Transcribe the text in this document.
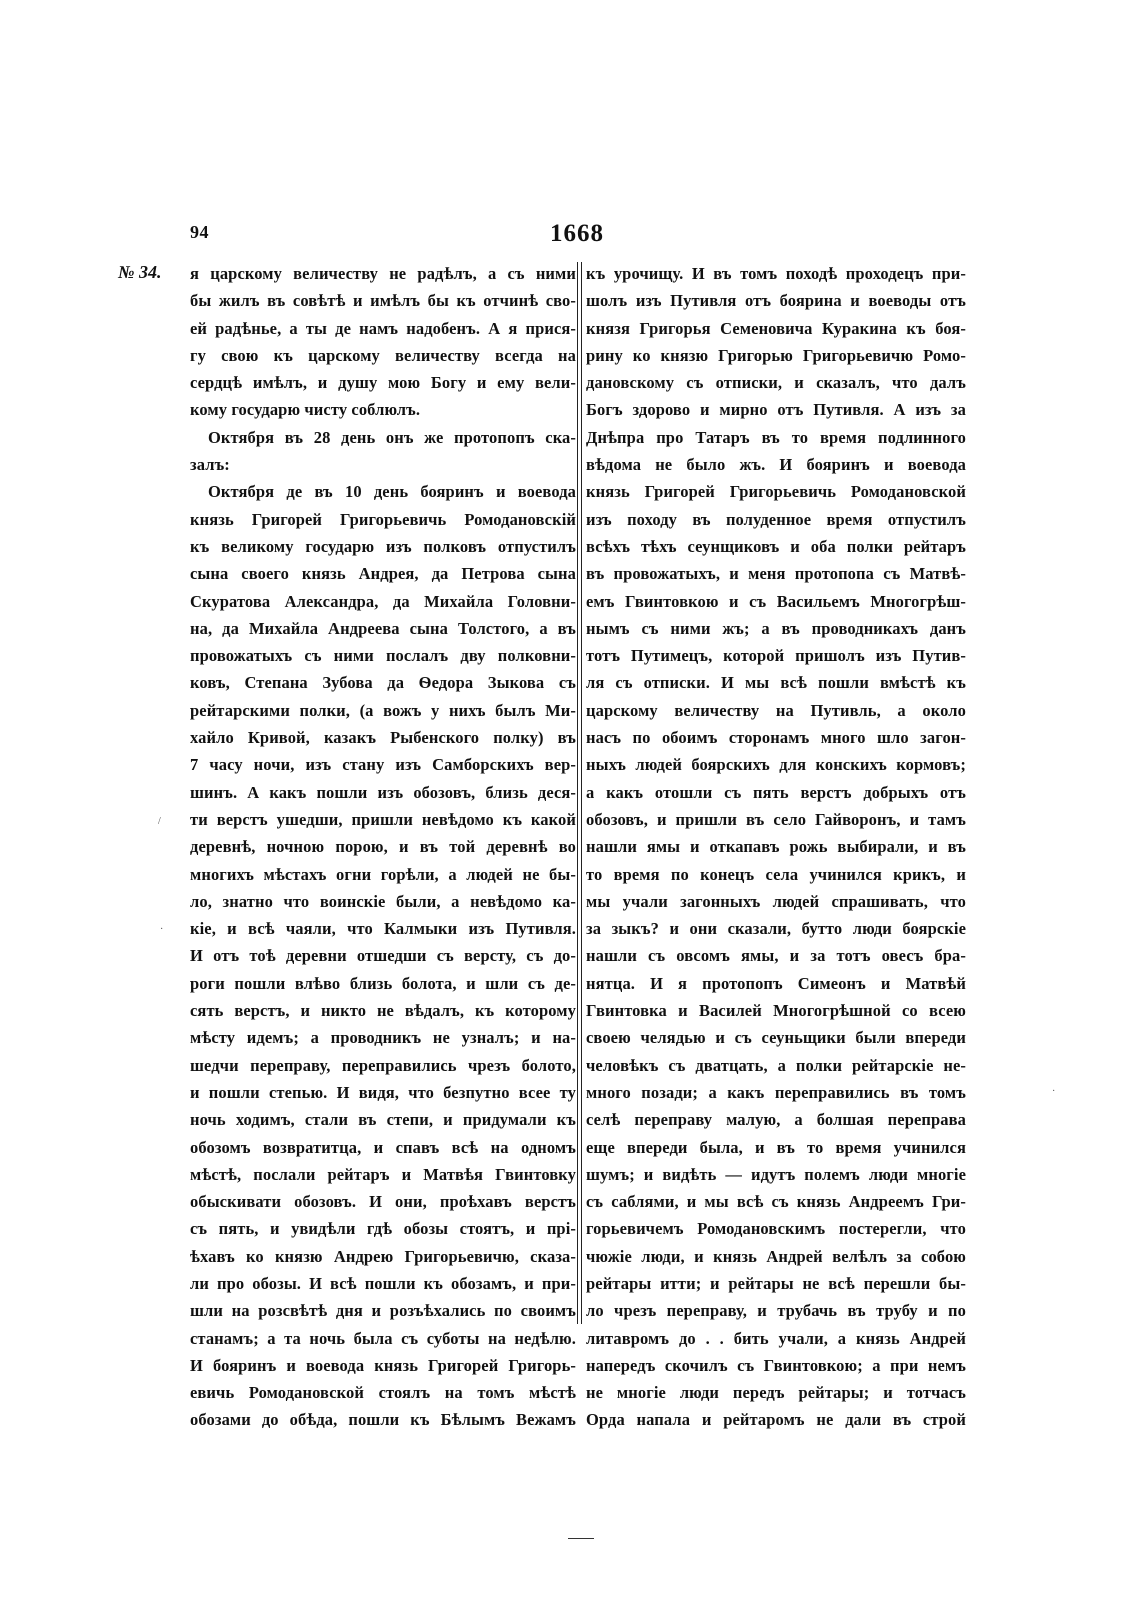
94	1668
№ 34. я царскому величеству не радѣлъ, а съ ними
бы жилъ въ совѣтѣ и имѣлъ бы къ отчинѣ сво-
ей радѣнье, а ты де намъ надобенъ. А я прися-
гу свою къ царскому величеству всегда на
сердцѣ имѣлъ, и душу мою Богу и ему вели-
кому государю чисту соблюлъ.
Октября въ 28 день онъ же протопопъ ска-
залъ:
Октября де въ 10 день бояринъ и воевода
князь Григорей Григорьевичь Ромодановскій
къ великому государю изъ полковъ отпустилъ
сына своего князь Андрея, да Петрова сына
Скуратова Александра, да Михайла Головни-
на, да Михайла Андреева сына Толстого, а въ
провожатыхъ съ ними послалъ дву полковни-
ковъ, Степана Зубова да Ѳедора Зыкова съ
рейтарскими полки, (а вожъ у нихъ былъ Ми-
хайло Кривой, казакъ Рыбенского полку) въ
7 часу ночи, изъ стану изъ Самборскихъ вер-
шинъ. А какъ пошли изъ обозовъ, близь деся-
ти верстъ ушедши, пришли невѣдомо къ какой
деревнѣ, ночною порою, и въ той деревнѣ во
многихъ мѣстахъ огни горѣли, а людей не бы-
ло, знатно что воинскіе были, а невѣдомо ка-
кіе, и всѣ чаяли, что Калмыки изъ Путивля.
И отъ тоѣ деревни отшедши съ версту, съ до-
роги пошли влѣво близь болота, и шли съ де-
сять верстъ, и никто не вѣдалъ, къ которому
мѣсту идемъ; а проводникъ не узналъ; и на-
шедчи переправу, переправились чрезъ болото,
и пошли степью. И видя, что безпутно всее ту
ночь ходимъ, стали въ степи, и придумали къ
обозомъ возвратитца, и спавъ всѣ на одномъ
мѣстѣ, послали рейтаръ и Матвѣя Гвинтовку
обыскивати обозовъ. И они, проѣхавъ верстъ
съ пять, и увидѣли гдѣ обозы стоятъ, и прі-
ѣхавъ ко князю Андрею Григорьевичю, сказа-
ли про обозы. И всѣ пошли къ обозамъ, и при-
шли на розсвѣтѣ дня и розъѣхались по своимъ
станамъ; а та ночь была съ суботы на недѣлю.
И бояринъ и воевода князь Григорей Григорь-
евичь Ромодановской стоялъ на томъ мѣстѣ
обозами до обѣда, пошли къ Бѣлымъ Вежамъ
къ урочищу. И въ томъ походѣ проходецъ при-
шолъ изъ Путивля отъ боярина и воеводы отъ
князя Григорья Семеновича Куракина къ боя-
рину ко князю Григорью Григорьевичю Ромо-
дановскому съ отписки, и сказалъ, что далъ
Богъ здорово и мирно отъ Путивля. А изъ за
Днѣпра про Татаръ въ то время подлинного
вѣдома не было жъ. И бояринъ и воевода
князь Григорей Григорьевичь Ромодановской
изъ походу въ полуденное время отпустилъ
всѣхъ тѣхъ сеунщиковъ и оба полки рейтаръ
въ провожатыхъ, и меня протопопа съ Матвѣ-
емъ Гвинтовкою и съ Васильемъ Многогрѣш-
нымъ съ ними жъ; а въ проводникахъ данъ
тотъ Путимецъ, которой пришолъ изъ Путив-
ля съ отписки. И мы всѣ пошли вмѣстѣ къ
царскому величеству на Путивль, а около
насъ по обоимъ сторонамъ много шло загон-
ныхъ людей боярскихъ для конскихъ кормовъ;
а какъ отошли съ пять верстъ добрыхъ отъ
обозовъ, и пришли въ село Гайворонъ, и тамъ
нашли ямы и откапавъ рожь выбирали, и въ
то время по конецъ села учинился крикъ, и
мы учали загонныхъ людей спрашивать, что
за зыкъ? и они сказали, бутто люди боярскіе
нашли съ овсомъ ямы, и за тотъ овесъ бра-
нятца. И я протопопъ Симеонъ и Матвѣй
Гвинтовка и Василей Многогрѣшной со всею
своею челядью и съ сеуньщики были впереди
человѣкъ съ дватцать, а полки рейтарскіе не-
много позади; а какъ переправились въ томъ
селѣ переправу малую, а болшая переправа
еще впереди была, и въ то время учинился
шумъ; и видѣть — идутъ полемъ люди многіе
съ саблями, и мы всѣ съ князь Андреемъ Гри-
горьевичемъ Ромодановскимъ постерегли, что
чюжіе люди, и князь Андрей велѣлъ за собою
рейтары итти; и рейтары не всѣ перешли бы-
ло чрезъ переправу, и трубачь въ трубу и по
литавромъ до . . бить учали, а князь Андрей
напередъ скочилъ съ Гвинтовкою; а при немъ
не многіе люди передъ рейтары; и тотчасъ
Орда напала и рейтаромъ не дали въ строй
/
·
·
